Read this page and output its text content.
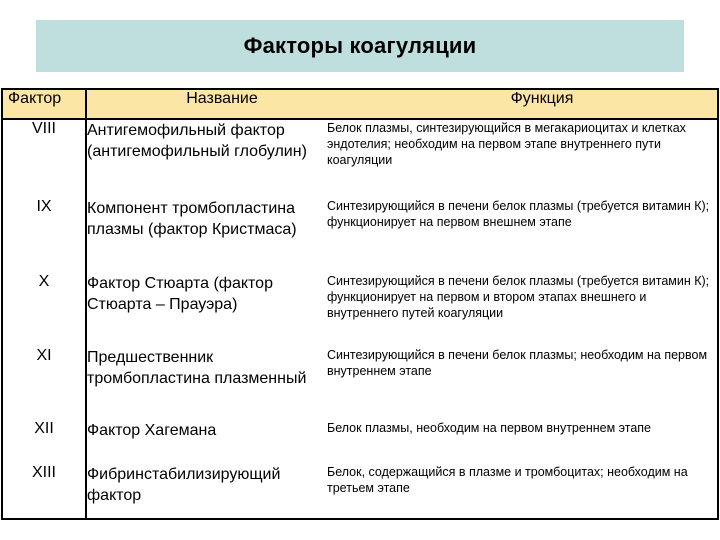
Факторы коагуляции
Фактор	Название	Функция
VIII	Антигемофильный фактор (антигемофильный глобулин)	Белок плазмы, синтезирующийся в мегакариоцитах и клетках эндотелия; необходим на первом этапе внутреннего пути коагуляции
IX	Компонент тромбопластина плазмы (фактор Кристмаса)	Синтезирующийся в печени белок плазмы (требуется витамин К); функционирует на первом внешнем этапе
X	Фактор Стюарта (фактор Стюарта – Прауэра)	Синтезирующийся в печени белок плазмы (требуется витамин К); функционирует на первом и втором этапах внешнего и внутреннего путей коагуляции
XI	Предшественник тромбопластина плазменный	Синтезирующийся в печени белок плазмы; необходим на первом внутреннем этапе
XII	Фактор Хагемана	Белок плазмы, необходим на первом внутреннем этапе
XIII	Фибринстабилизирующий фактор	Белок, содержащийся в плазме и тромбоцитах; необходим на третьем этапе
